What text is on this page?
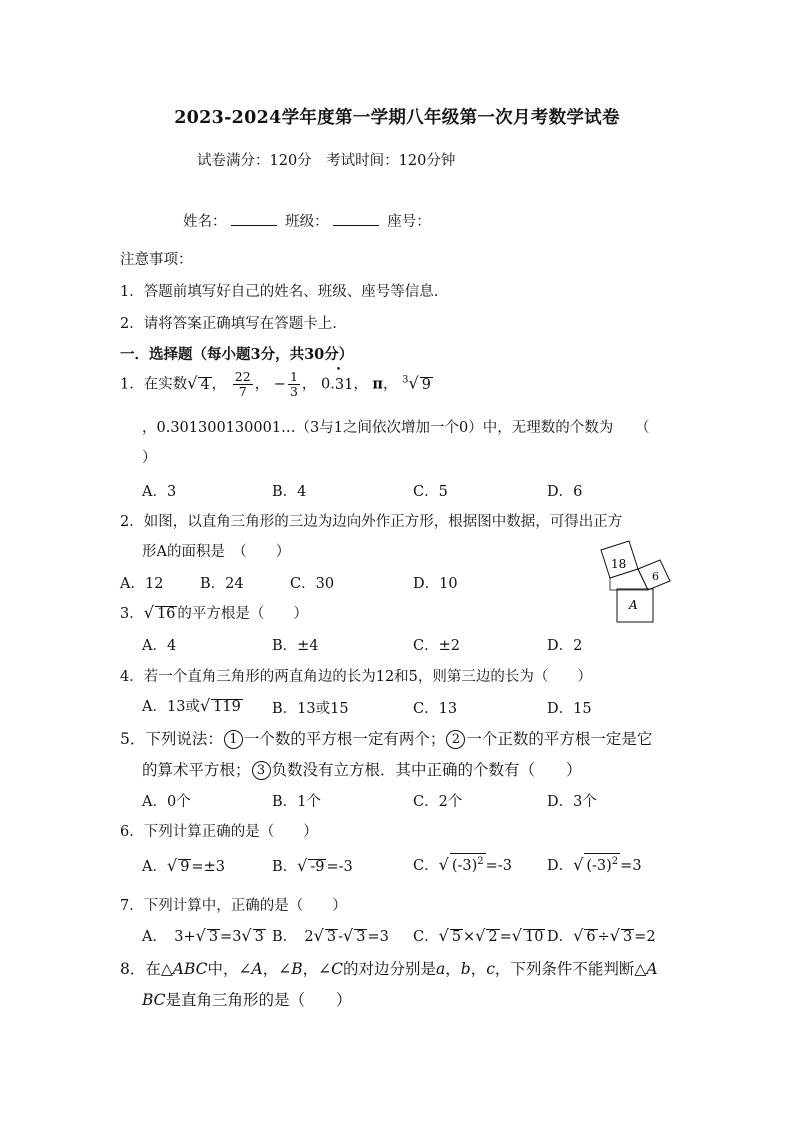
2023-2024学年度第一学期八年级第一次月考数学试卷
试卷满分：120分　考试时间：120分钟
姓名：	班级：	座号：
注意事项：
1．答题前填写好自己的姓名、班级、座号等信息.
2．请将答案正确填写在答题卡上.
一．选择题（每小题3分，共30分）
1．在实数√ 4 ， $\frac{22}{7}$ ， − $\frac{1}{3}$ ， 0.• 31， π， $^3$√ 9
，0.301300130001…（3与1之间依次增加一个0）中，无理数的个数为　　（
）
A．3	B．4	C．5	D．6
2．如图，以直角三角形的三边为边向外作正方形，根据图中数据，可得出正方
形A的面积是　（　　）
A．12	B．24	C．30	D．10
18
6
A
3．√ 16 的平方根是（　　）
A．4	B．±4	C．±2	D．2
4．若一个直角三角形的两直角边的长为12和5，则第三边的长为（　　）
A．13或√ 119 B．13或15	C．13	D．15
5．下列说法： 1 一个数的平方根一定有两个； 2 一个正数的平方根一定是它
的算术平方根； 3 负数没有立方根．其中正确的个数有（　　）
A．0个	B．1个	C．2个	D．3个
6．下列计算正确的是（　　）
A．√ 9 =±3	B．√ -9 =-3	C．√ $(-3)^2 =-3$ D．√ $(-3)^2 =3$
7．下列计算中，正确的是（　　）
A．　3+√ 3 =3√ 3 B．　2√ 3 -√ 3 =3 C．√ 5 ×√ 2 =√ 10 D．√ 6 ÷√ 3 =2
8．在△ABC中，∠A，∠B，∠C的对边分别是a，b，c，下列条件不能判断△A
BC是直角三角形的是（　　）
